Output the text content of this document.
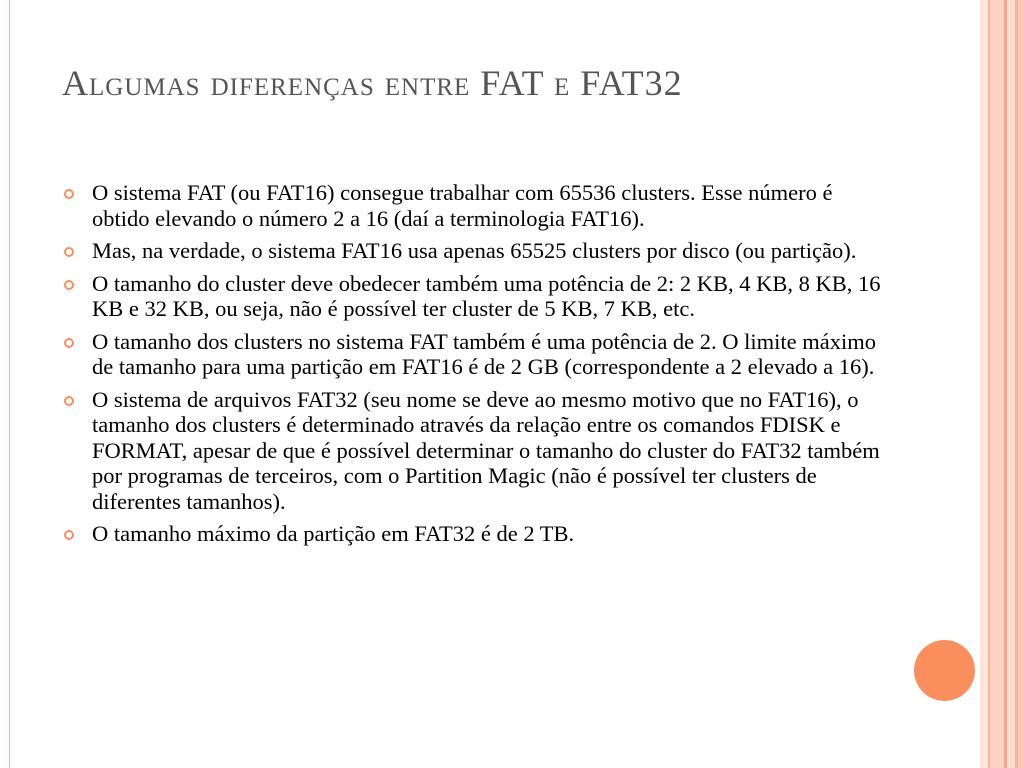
Algumas diferenças entre FAT e FAT32
O sistema FAT (ou FAT16) consegue trabalhar com 65536 clusters. Esse número é obtido elevando o número 2 a 16 (daí a terminologia FAT16).
Mas, na verdade, o sistema FAT16 usa apenas 65525 clusters por disco (ou partição).
O tamanho do cluster deve obedecer também uma potência de 2: 2 KB, 4 KB, 8 KB, 16 KB e 32 KB, ou seja, não é possível ter cluster de 5 KB, 7 KB, etc.
O tamanho dos clusters no sistema FAT também é uma potência de 2. O limite máximo de tamanho para uma partição em FAT16 é de 2 GB (correspondente a 2 elevado a 16).
O sistema de arquivos FAT32 (seu nome se deve ao mesmo motivo que no FAT16), o tamanho dos clusters é determinado através da relação entre os comandos FDISK e FORMAT, apesar de que é possível determinar o tamanho do cluster do FAT32 também por programas de terceiros, com o Partition Magic (não é possível ter clusters de diferentes tamanhos).
O tamanho máximo da partição em FAT32 é de 2 TB.
